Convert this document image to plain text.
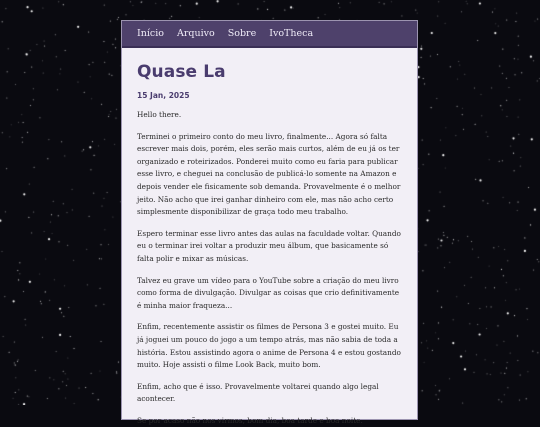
Início Arquivo Sobre IvoTheca
Quase La
15 Jan, 2025

Hello there.

Terminei o primeiro conto do meu livro, finalmente... Agora só falta escrever mais dois, porém, eles serão mais curtos, além de eu já os ter organizado e roteirizados. Ponderei muito como eu faria para publicar esse livro, e cheguei na conclusão de publicá-lo somente na Amazon e depois vender ele fisicamente sob demanda. Provavelmente é o melhor jeito. Não acho que irei ganhar dinheiro com ele, mas não acho certo simplesmente disponibilizar de graça todo meu trabalho.

Espero terminar esse livro antes das aulas na faculdade voltar. Quando eu o terminar irei voltar a produzir meu álbum, que basicamente só falta polir e mixar as músicas.

Talvez eu grave um vídeo para o YouTube sobre a criação do meu livro como forma de divulgação. Divulgar as coisas que crio definitivamente é minha maior fraqueza...

Enfim, recentemente assistir os filmes de Persona 3 e gostei muito. Eu já joguei um pouco do jogo a um tempo atrás, mas não sabia de toda a história. Estou assistindo agora o anime de Persona 4 e estou gostando muito. Hoje assisti o filme Look Back, muito bom.

Enfim, acho que é isso. Provavelmente voltarei quando algo legal acontecer.

Se por acaso não nos virmos, bom dia, boa tarde e boa noite.
